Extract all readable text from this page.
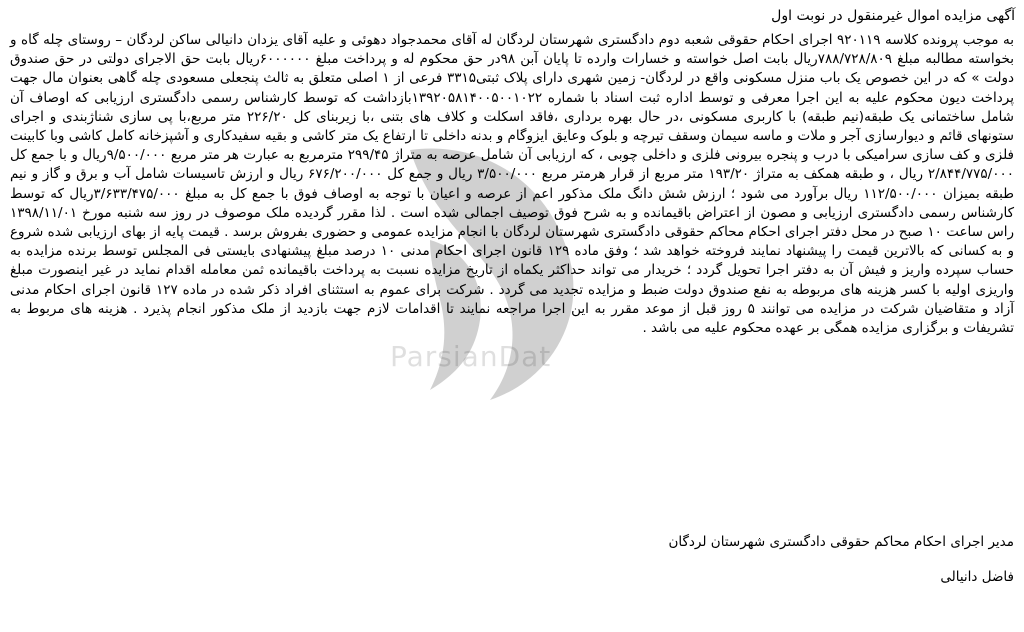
ParsianDat
آگهی مزایده اموال غیرمنقول در نوبت اول
به موجب پرونده کلاسه ۹۲۰۱۱۹ اجرای احکام حقوقی شعبه دوم دادگستری شهرستان لردگان له آقای محمدجواد دهوئی و علیه آقای یزدان دانیالی ساکن لردگان – روستای چله گاه و بخواسته مطالبه مبلغ ۷۸۸/۷۲۸/۸۰۹ریال بابت اصل خواسته و خسارات وارده تا پایان آبن ۹۸در حق محکوم له و پرداخت مبلغ ۶۰۰۰۰۰۰ریال بابت حق الاجرای دولتی در حق صندوق دولت » که در این خصوص یک باب منزل مسکونی واقع در لردگان- زمین شهری دارای پلاک ثبتی۳۳۱۵ فرعی از ۱ اصلی متعلق به ثالث پنجعلی مسعودی چله گاهی بعنوان مال جهت پرداخت دیون محکوم علیه به این اجرا معرفی و توسط اداره ثبت اسناد با شماره ۱۳۹۲۰۵۸۱۴۰۰۵۰۰۱۰۲۲بازداشت که توسط کارشناس رسمی دادگستری ارزیابی که اوصاف آن شامل ساختمانی یک طبقه(نیم طبقه) با کاربری مسکونی ،در حال بهره برداری ،فاقد اسکلت و کلاف های بتنی ،با زیربنای کل ۲۲۶/۲۰ متر مربع،با پی سازی شناژبندی و اجرای ستونهای قائم و دیوارسازی آجر و ملات و ماسه سیمان وسقف تیرچه و بلوک وعایق ایزوگام و بدنه داخلی تا ارتفاع یک متر کاشی و بقیه سفیدکاری و آشپزخانه کامل کاشی وبا کابینت فلزی و کف سازی سرامیکی با درب و پنجره بیرونی فلزی و داخلی چوبی ، که ارزیابی آن شامل عرصه به متراژ ۲۹۹/۴۵ مترمربع به عبارت هر متر مربع ۹/۵۰۰/۰۰۰ریال و با جمع کل ۲/۸۴۴/۷۷۵/۰۰۰ ریال ، و طبقه همکف به متراژ ۱۹۳/۲۰ متر مربع از قرار هرمتر مربع ۳/۵۰۰/۰۰۰ ریال و جمع کل ۶۷۶/۲۰۰/۰۰۰ ریال و ارزش تاسیسات شامل آب و برق و گاز و نیم طبقه بمیزان ۱۱۲/۵۰۰/۰۰۰ ریال برآورد می شود ؛ ارزش شش دانگ ملک مذکور اعم از عرصه و اعیان با توجه به اوصاف فوق با جمع کل به مبلغ ۳/۶۳۳/۴۷۵/۰۰۰ریال که توسط کارشناس رسمی دادگستری ارزیابی و مصون از اعتراض باقیمانده و به شرح فوق توصیف اجمالی شده است . لذا مقرر گردیده ملک موصوف در روز سه شنبه مورخ ۱۳۹۸/۱۱/۰۱ راس ساعت ۱۰ صبح در محل دفتر اجرای احکام محاکم حقوقی دادگستری شهرستان لردگان با انجام مزایده عمومی و حضوری بفروش برسد . قیمت پایه از بهای ارزیابی شده شروع و به کسانی که بالاترین قیمت را پیشنهاد نمایند فروخته خواهد شد ؛ وفق ماده ۱۲۹ قانون اجرای احکام مدنی ۱۰ درصد مبلغ پیشنهادی بایستی فی المجلس توسط برنده مزایده به حساب سپرده واریز و فیش آن به دفتر اجرا تحویل گردد ؛ خریدار می تواند حداکثر یکماه از تاریخ مزایده نسبت به پرداخت باقیمانده ثمن معامله اقدام نماید در غیر اینصورت مبلغ واریزی اولیه با کسر هزینه های مربوطه به نفع صندوق دولت ضبط و مزایده تجدید می گردد . شرکت برای عموم به استثنای افراد ذکر شده در ماده ۱۲۷ قانون اجرای احکام مدنی آزاد و متقاضیان شرکت در مزایده می توانند ۵ روز قبل از موعد مقرر به این اجرا مراجعه نمایند تا اقدامات لازم جهت بازدید از ملک مذکور انجام پذیرد . هزینه های مربوط به تشریفات و برگزاری مزایده همگی بر عهده محکوم علیه می باشد .
مدیر اجرای احکام محاکم حقوقی دادگستری شهرستان لردگان
فاضل دانیالی
